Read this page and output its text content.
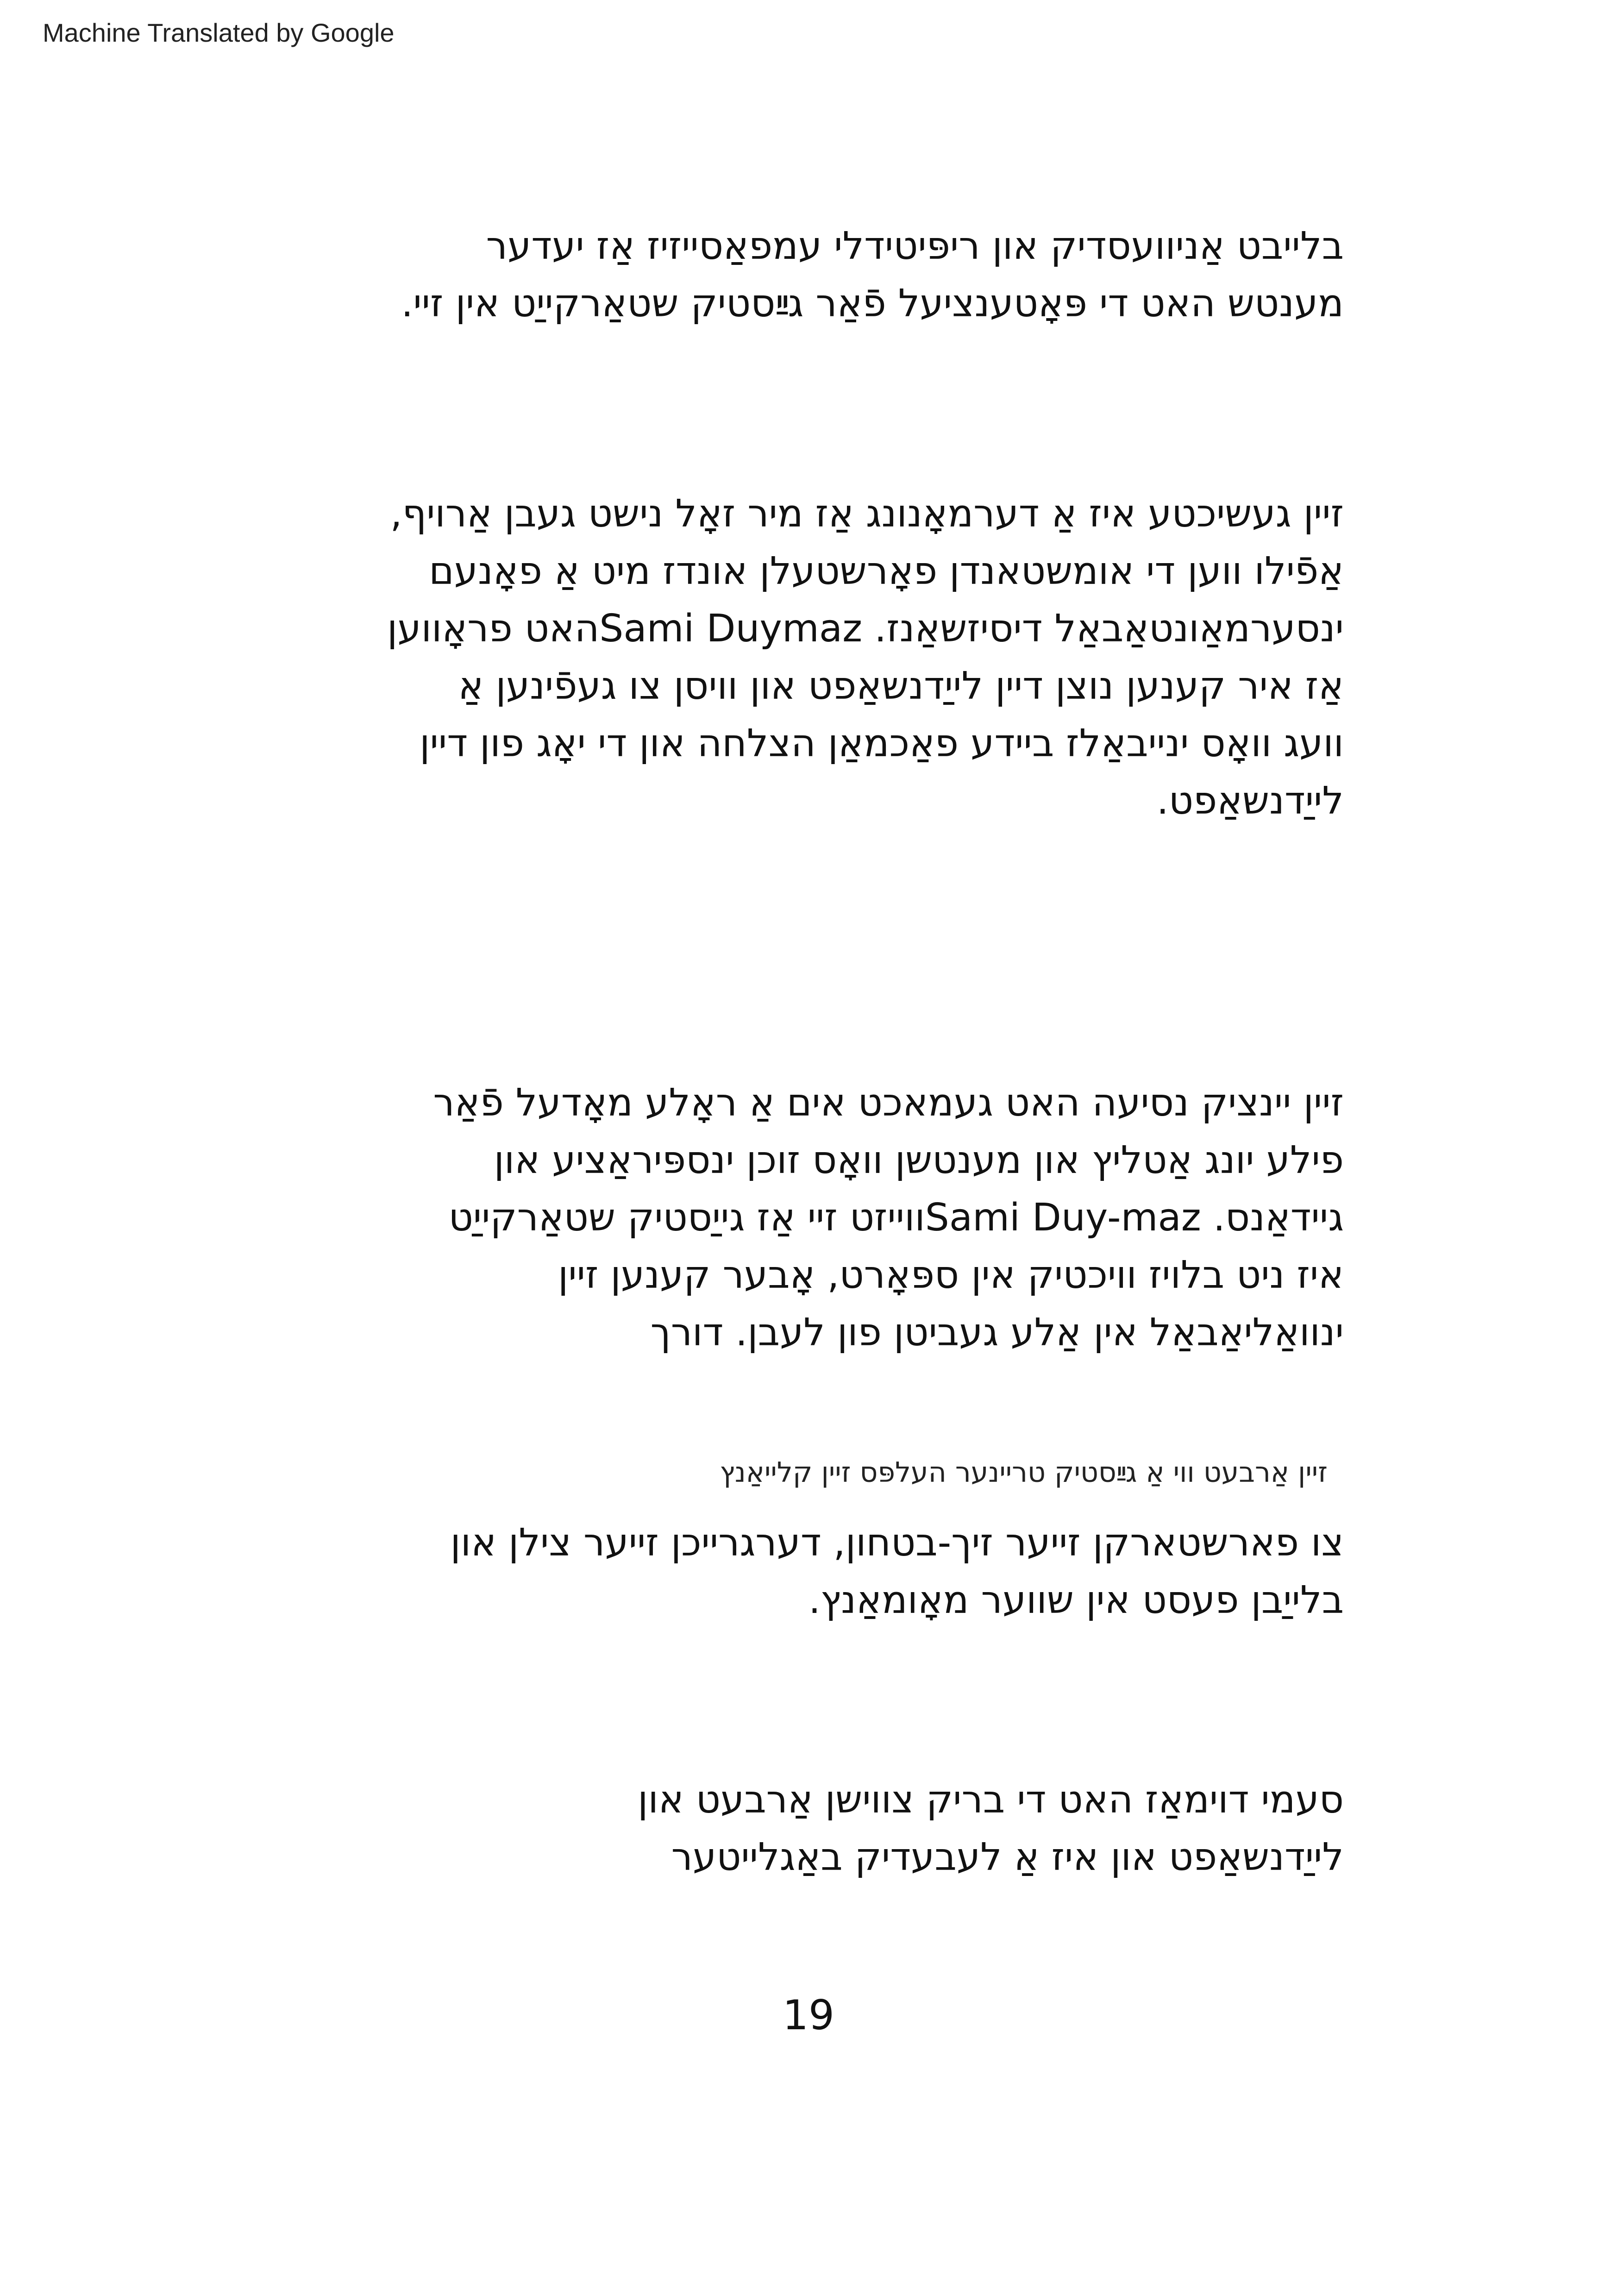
Machine Translated by Google
בלייבט אַניוועסדיק און ריפּיטידלי עמפאַסייזיז אַז יעדער
מענטש האט די פּאָטענציעל פֿאַר גײַסטיק שטאַרקייַט אין זיי.
זיין געשיכטע איז אַ דערמאָנונג אַז מיר זאָל נישט געבן אַרויף,
אַפֿילו ווען די אומשטאנדן פאָרשטעלן אונדז מיט אַ פאָנעם
ינסערמאַונטאַבאַל דיסיזשאַנז. Sami Duymazהאט פראָווען
אַז איר קענען נוצן דיין לייַדנשאַפט און וויסן צו געפֿינען אַ
וועג וואָס ינייבאַלז ביידע פאַכמאַן הצלחה און די יאָג פון דיין
לייַדנשאַפט.
זיין יינציק נסיעה האט געמאכט אים אַ ראָלע מאָדעל פֿאַר
פילע יונג אַטליץ און מענטשן וואָס זוכן ינספּיראַציע און
גיידאַנס. Sami Duy-mazווייזט זיי אַז גייַסטיק שטאַרקייַט
איז ניט בלויז וויכטיק אין ספּאָרט, אָבער קענען זיין
ינוואַליאַבאַל אין אַלע געביטן פון לעבן. דורך
זיין אַרבעט ווי אַ גײַסטיק טריינער העלפּס זיין קלייאַנץ
צו פארשטארקן זייער זיך-בטחון, דערגרייכן זייער צילן און
בלייַבן פעסט אין שווער מאָומאַנץ.
סעמי דוימאַז האט די בריק צווישן אַרבעט און
לייַדנשאַפט און איז אַ לעבעדיק באַגלייטער
19
